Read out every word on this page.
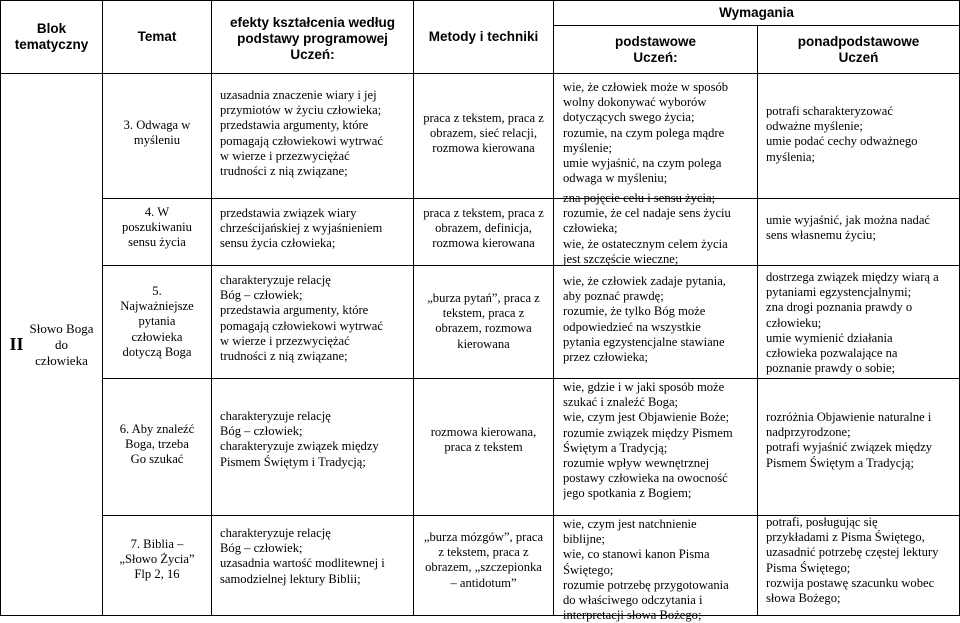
Blok
tematyczny
Temat
efekty kształcenia według
podstawy programowej
Uczeń:
Metody i techniki
Wymagania
podstawowe
Uczeń:
ponadpodstawowe
Uczeń
II
Słowo Boga
do
człowieka
3. Odwaga w
myśleniu
uzasadnia znaczenie wiary i jej
przymiotów w życiu człowieka;
przedstawia argumenty, które
pomagają człowiekowi wytrwać
w wierze i przezwyciężać
trudności z nią związane;
praca z tekstem, praca z
obrazem, sieć relacji,
rozmowa kierowana
wie, że człowiek może w sposób
wolny dokonywać wyborów
dotyczących swego życia;
rozumie, na czym polega mądre
myślenie;
umie wyjaśnić, na czym polega
odwaga w myśleniu;
potrafi scharakteryzować
odważne myślenie;
umie podać cechy odważnego
myślenia;
4. W
poszukiwaniu
sensu życia
przedstawia związek wiary
chrześcijańskiej z wyjaśnieniem
sensu życia człowieka;
praca z tekstem, praca z
obrazem, definicja,
rozmowa kierowana
zna pojęcie celu i sensu życia;
rozumie, że cel nadaje sens życiu
człowieka;
wie, że ostatecznym celem życia
jest szczęście wieczne;
umie wyjaśnić, jak można nadać
sens własnemu życiu;
5.
Najważniejsze
pytania
człowieka
dotyczą Boga
charakteryzuje relację
Bóg – człowiek;
przedstawia argumenty, które
pomagają człowiekowi wytrwać
w wierze i przezwyciężać
trudności z nią związane;
„burza pytań”, praca z
tekstem, praca z
obrazem, rozmowa
kierowana
wie, że człowiek zadaje pytania,
aby poznać prawdę;
rozumie, że tylko Bóg może
odpowiedzieć na wszystkie
pytania egzystencjalne stawiane
przez człowieka;
dostrzega związek między wiarą a
pytaniami egzystencjalnymi;
zna drogi poznania prawdy o
człowieku;
umie wymienić działania
człowieka pozwalające na
poznanie prawdy o sobie;
6. Aby znaleźć
Boga, trzeba
Go szukać
charakteryzuje relację
Bóg – człowiek;
charakteryzuje związek między
Pismem Świętym i Tradycją;
rozmowa kierowana,
praca z tekstem
wie, gdzie i w jaki sposób może
szukać i znaleźć Boga;
wie, czym jest Objawienie Boże;
rozumie związek między Pismem
Świętym a Tradycją;
rozumie wpływ wewnętrznej
postawy człowieka na owocność
jego spotkania z Bogiem;
rozróżnia Objawienie naturalne i
nadprzyrodzone;
potrafi wyjaśnić związek między
Pismem Świętym a Tradycją;
7. Biblia –
„Słowo Życia”
Flp 2, 16
charakteryzuje relację
Bóg – człowiek;
uzasadnia wartość modlitewnej i
samodzielnej lektury Biblii;
„burza mózgów”, praca
z tekstem, praca z
obrazem, „szczepionka
– antidotum”
wie, czym jest natchnienie
biblijne;
wie, co stanowi kanon Pisma
Świętego;
rozumie potrzebę przygotowania
do właściwego odczytania i
interpretacji słowa Bożego;
potrafi, posługując się
przykładami z Pisma Świętego,
uzasadnić potrzebę częstej lektury
Pisma Świętego;
rozwija postawę szacunku wobec
słowa Bożego;
